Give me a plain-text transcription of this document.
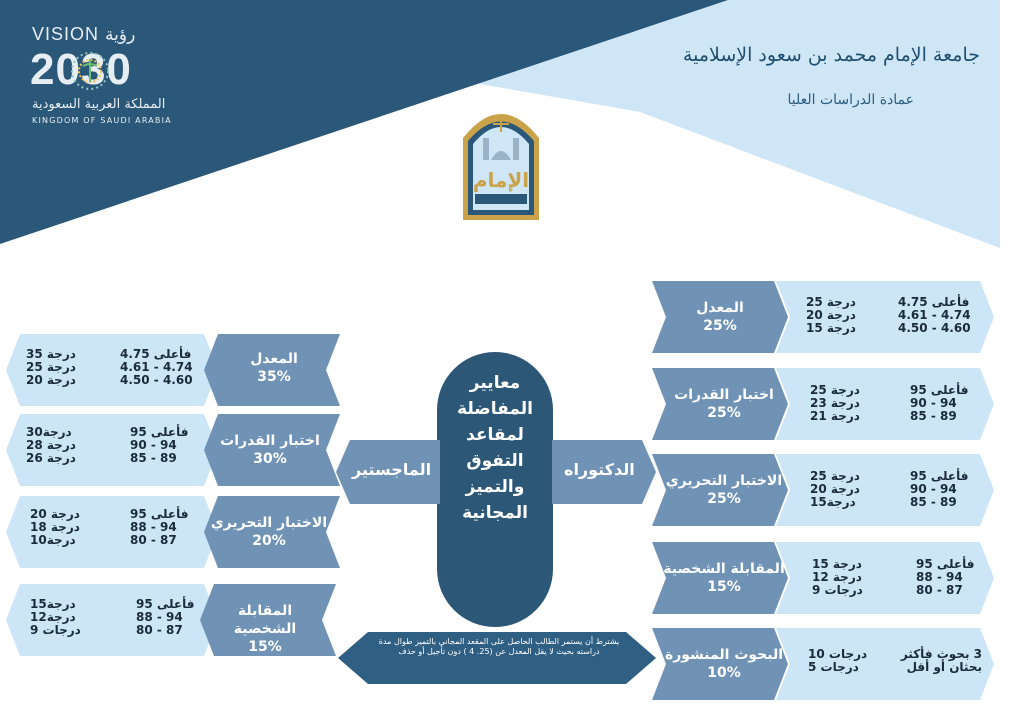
VISION رؤية
2030
المملكة العربية السعودية
KINGDOM OF SAUDI ARABIA
جامعة الإمام محمد بن سعود الإسلامية
عمادة الدراسات العليا
الإمام
معايير المفاضلة لمقاعد التفوق والتميز المجانية
الماجستير	الدكتوراه
يشترط أن يستمر الطالب الحاصل على المقعد المجاني بالتميز طوال مدة دراسته بحيث لا يقل المعدل عن (25. 4 ) دون تأجيل أو حذف
المعدل
35%
4.75 فأعلى
4.61 - 4.74
4.50 - 4.60
35 درجة
25 درجة
20 درجة
اختبار القدرات
30%
95 فأعلى
90 - 94
85 - 89
30درجة
28 درجة
26 درجة
الاختبار التحريري
20%
95 فأعلى
88 - 94
80 - 87
20 درجة
18 درجة
10درجة
المقابلة الشخصية
15%
95 فأعلى
88 - 94
80 - 87
15درجة
12درجة
9 درجات
المعدل
25%
4.75 فأعلى
4.61 - 4.74
4.50 - 4.60
25 درجة
20 درجة
15 درجة
اختبار القدرات
25%
95 فأعلى
90 - 94
85 - 89
25 درجة
23 درجة
21 درجة
الاختبار التحريري
25%
95 فأعلى
90 - 94
85 - 89
25 درجة
20 درجة
15درجة
المقابلة الشخصية
15%
95 فأعلى
88 - 94
80 - 87
15 درجة
12 درجة
9 درجات
البحوث المنشورة
10%
3 بحوث فأكثر
بحثان أو أقل
10 درجات
5 درجات
